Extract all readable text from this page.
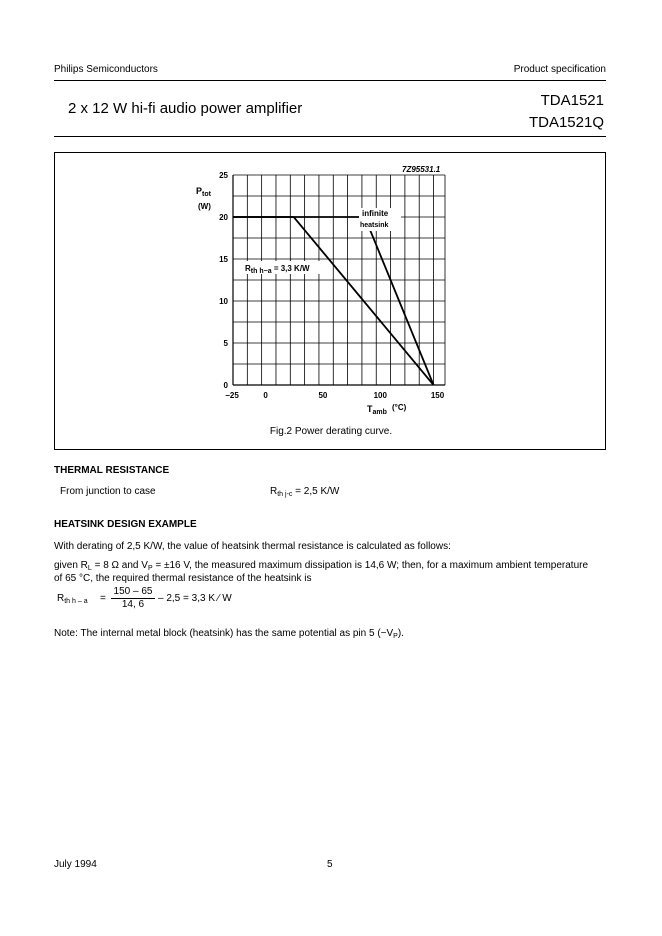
Philips Semiconductors	Product specification
2 x 12 W hi-fi audio power amplifier	TDA1521
TDA1521Q
0
5
10
15
20
25
−25	0	50	100	150
7Z95531.1
$P_{tot}$
(W)
$T_{amb}$
(°C)
infinite
heatsink
Rth h−a = 3,3 K/W
Fig.2 Power derating curve.
THERMAL RESISTANCE
From junction to case	$R_{th j-c} = 2,5$ K/W
HEATSINK DESIGN EXAMPLE
With derating of 2,5 K/W, the value of heatsink thermal resistance is calculated as follows:
given $R_L = 8$ Ω and $V_P = \pm 16$ V, the measured maximum dissipation is 14,6 W; then, for a maximum ambient temperature
of 65 °C, the required thermal resistance of the heatsink is
$R_{th h - a}$ =
150 – 65
14, 6
– 2,5 = 3,3 K ⁄ W
Note: The internal metal block (heatsink) has the same potential as pin 5 $(-V_P)$.
July 1994	5
